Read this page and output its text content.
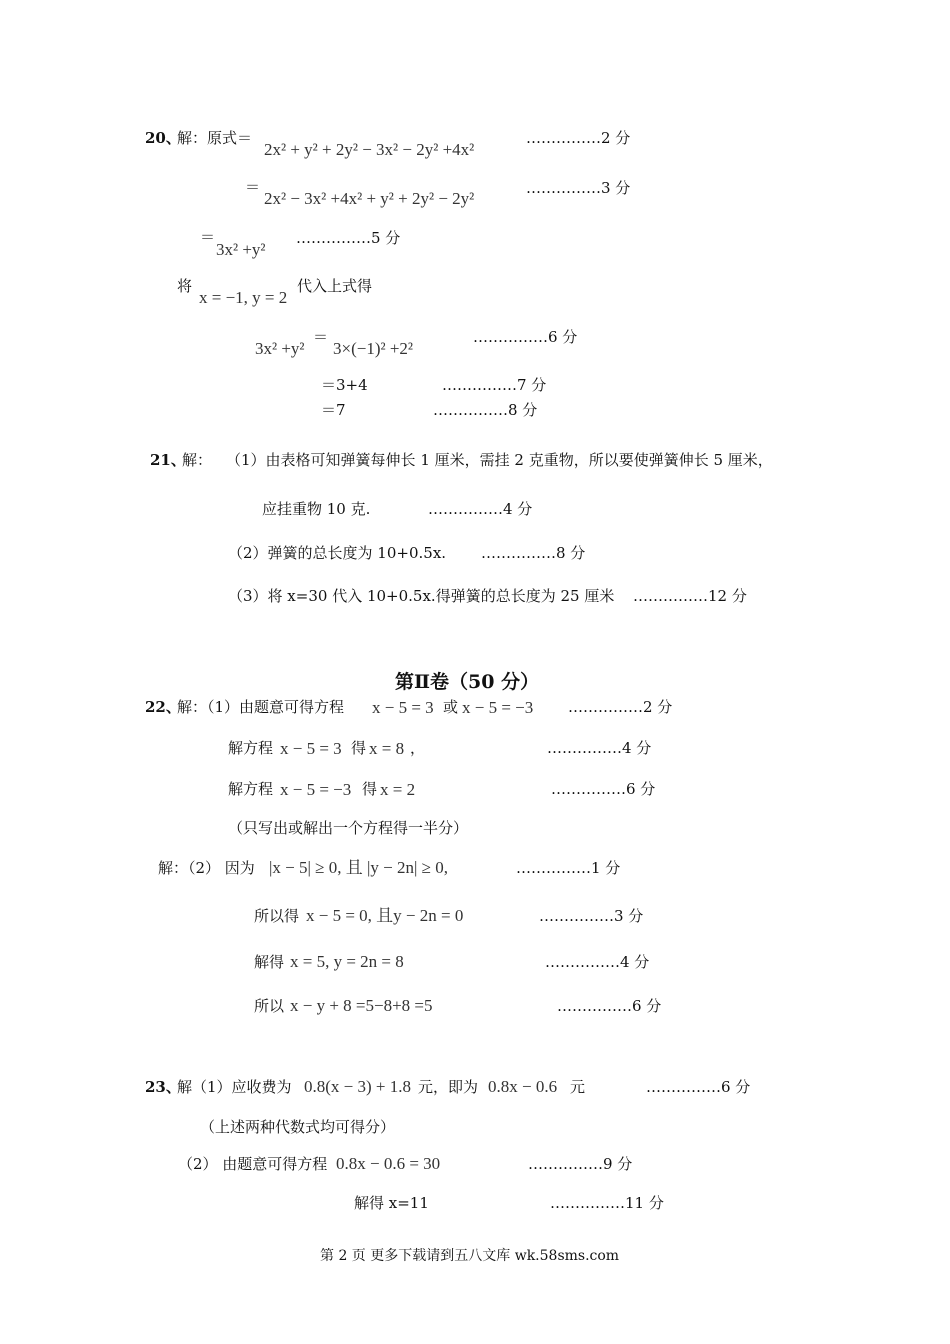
20、
解：原式＝
2x² + y² + 2y² − 3x² − 2y² +4x²
……………2 分
＝
2x² − 3x² +4x² + y² + 2y² − 2y²
……………3 分
＝
3x² +y²
……………5 分
将
x = −1, y = 2
代入上式得
3x² +y²
＝
3×(−1)² +2²
……………6 分
＝3+4	……………7 分
＝7	……………8 分
21、
解： （1）由表格可知弹簧每伸长 1 厘米，需挂 2 克重物，所以要使弹簧伸长 5 厘米，
应挂重物 10 克.	……………4 分
（2）弹簧的总长度为 10+0.5x. ……………8 分
（3）将 x=30 代入 10+0.5x.得弹簧的总长度为 25 厘米 ……………12 分
第Ⅱ卷（50 分）
22、
解：（1）由题意可得方程 x − 5 = 3 或 x − 5 = −3 ……………2 分
解方程 x − 5 = 3 得 x = 8 ，	……………4 分
解方程 x − 5 = −3 得 x = 2	……………6 分
（只写出或解出一个方程得一半分）
解：（2） 因为 |x − 5| ≥ 0, 且 |y − 2n| ≥ 0,	……………1 分
所以得 x − 5 = 0, 且y − 2n = 0	……………3 分
解得 x = 5, y = 2n = 8	……………4 分
所以 x − y + 8 =5−8+8 =5	……………6 分
23、
解（1）应收费为 0.8(x − 3) + 1.8 元，即为 0.8x − 0.6 元	……………6 分
（上述两种代数式均可得分）
（2） 由题意可得方程 0.8x − 0.6 = 30	……………9 分
解得 x=11	……………11 分
第 2 页 更多下载请到五八文库 wk.58sms.com
